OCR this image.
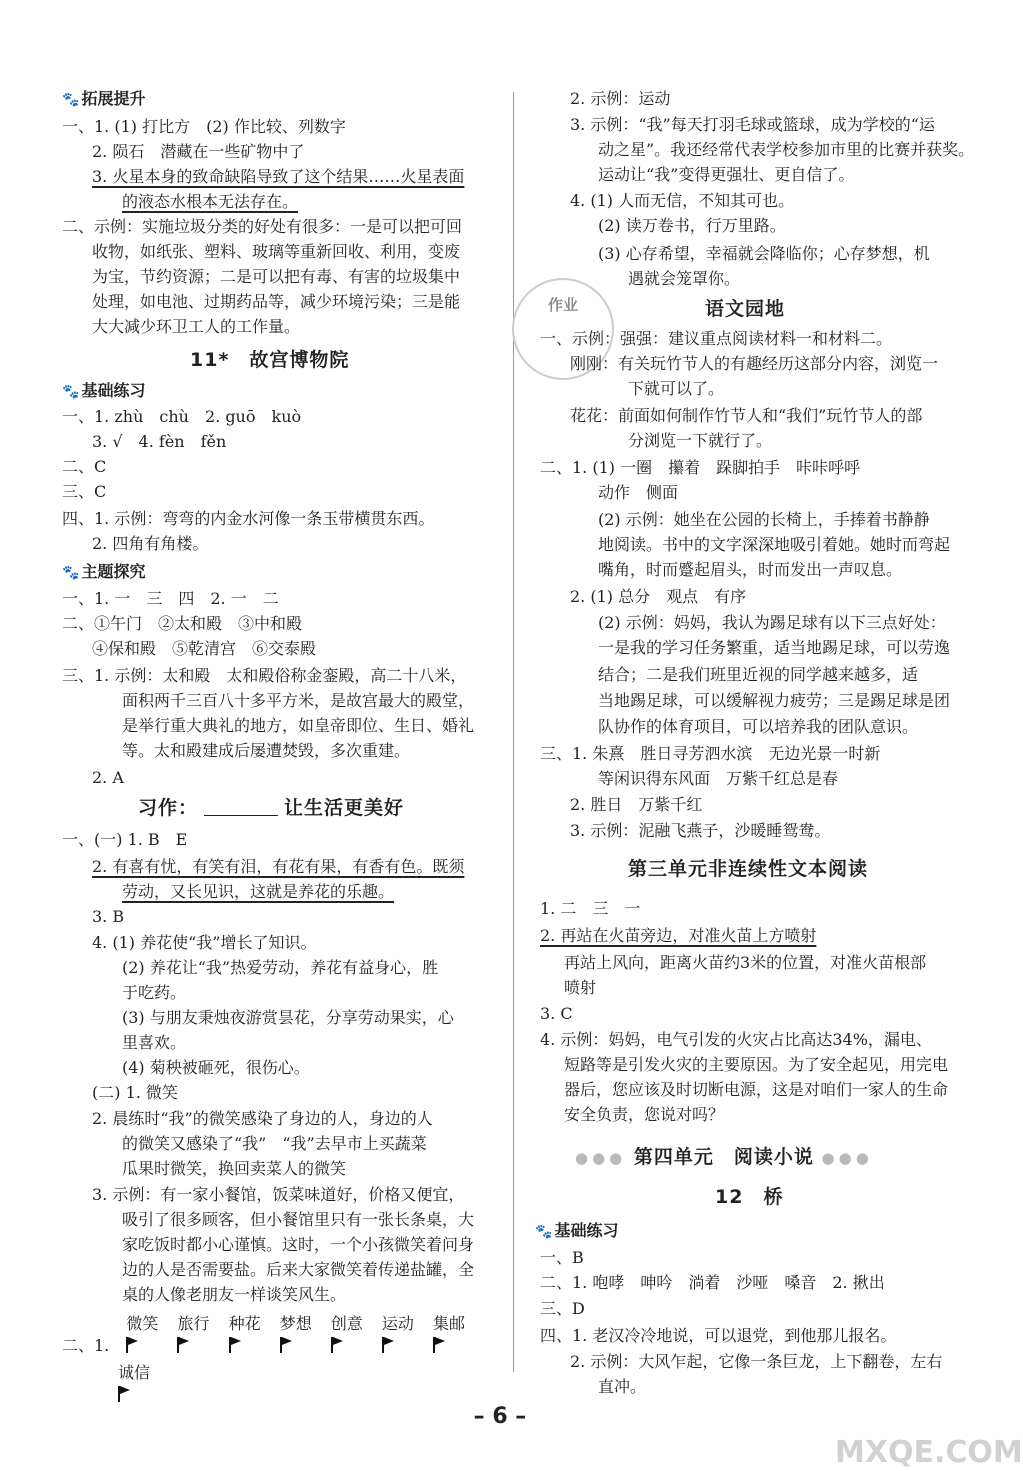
🐾 拓展提升
一、1. (1) 打比方　(2) 作比较、列数字
2. 陨石　潜藏在一些矿物中了
3. 火星本身的致命缺陷导致了这个结果……火星表面
的液态水根本无法存在。
二、示例：实施垃圾分类的好处有很多：一是可以把可回
收物，如纸张、塑料、玻璃等重新回收、利用，变废
为宝，节约资源；二是可以把有毒、有害的垃圾集中
处理，如电池、过期药品等，减少环境污染；三是能
大大减少环卫工人的工作量。
11*　故宫博物院
🐾 基础练习
一、1. zhù　chù　2. guō　kuò
3. √　4. fèn　fěn
二、C
三、C
四、1. 示例：弯弯的内金水河像一条玉带横贯东西。
2. 四角有角楼。
🐾 主题探究
一、1. 一　三　四　2. 一　二
二、①午门　②太和殿　③中和殿
④保和殿　⑤乾清宫　⑥交泰殿
三、1. 示例：太和殿　太和殿俗称金銮殿，高二十八米，
面积两千三百八十多平方米，是故宫最大的殿堂，
是举行重大典礼的地方，如皇帝即位、生日、婚礼
等。太和殿建成后屡遭焚毁，多次重建。
2. A
习作：	让生活更美好
一、(一) 1. B　E
2. 有喜有忧，有笑有泪，有花有果，有香有色。既须
劳动，又长见识，这就是养花的乐趣。
3. B
4. (1) 养花使“我”增长了知识。
(2) 养花让“我”热爱劳动，养花有益身心，胜
于吃药。
(3) 与朋友秉烛夜游赏昙花，分享劳动果实，心
里喜欢。
(4) 菊秧被砸死，很伤心。
(二) 1. 微笑
2. 晨练时“我”的微笑感染了身边的人，身边的人
的微笑又感染了“我”　“我”去早市上买蔬菜
瓜果时微笑，换回卖菜人的微笑
3. 示例：有一家小餐馆，饭菜味道好，价格又便宜，
吸引了很多顾客，但小餐馆里只有一张长条桌，大
家吃饭时都小心谨慎。这时，一个小孩微笑着问身
边的人是否需要盐。后来大家微笑着传递盐罐，全
桌的人像老朋友一样谈笑风生。
二、1. 微笑 旅行 种花 梦想 创意 运动 集邮

诚信

作业
2. 示例：运动
3. 示例：“我”每天打羽毛球或篮球，成为学校的“运
动之星”。我还经常代表学校参加市里的比赛并获奖。
运动让“我”变得更强壮、更自信了。
4. (1) 人而无信，不知其可也。
(2) 读万卷书，行万里路。
(3) 心存希望，幸福就会降临你；心存梦想，机
遇就会笼罩你。
语文园地
一、示例：强强：建议重点阅读材料一和材料二。
刚刚：有关玩竹节人的有趣经历这部分内容，浏览一
下就可以了。
花花：前面如何制作竹节人和“我们”玩竹节人的部
分浏览一下就行了。
二、1. (1) 一圈　攥着　跺脚拍手　咔咔呼呼
动作　侧面
(2) 示例：她坐在公园的长椅上，手捧着书静静
地阅读。书中的文字深深地吸引着她。她时而弯起
嘴角，时而蹙起眉头，时而发出一声叹息。
2. (1) 总分　观点　有序
(2) 示例：妈妈，我认为踢足球有以下三点好处：
一是我的学习任务繁重，适当地踢足球，可以劳逸
结合；二是我们班里近视的同学越来越多，适
当地踢足球，可以缓解视力疲劳；三是踢足球是团
队协作的体育项目，可以培养我的团队意识。
三、1. 朱熹　胜日寻芳泗水滨　无边光景一时新
等闲识得东风面　万紫千红总是春
2. 胜日　万紫千红
3. 示例：泥融飞燕子，沙暖睡鸳鸯。
第三单元非连续性文本阅读
1. 二　三　一
2. 再站在火苗旁边，对准火苗上方喷射
再站上风向，距离火苗约3米的位置，对准火苗根部
喷射
3. C
4. 示例：妈妈，电气引发的火灾占比高达34%，漏电、
短路等是引发火灾的主要原因。为了安全起见，用完电
器后，您应该及时切断电源，这是对咱们一家人的生命
安全负责，您说对吗？
●●● 第四单元　阅读小说 ●●●
12　桥
🐾 基础练习
一、B
二、1. 咆哮　呻吟　淌着　沙哑　嗓音　2. 揪出
三、D
四、1. 老汉冷冷地说，可以退党，到他那儿报名。
2. 示例：大风乍起，它像一条巨龙，上下翻卷，左右
直冲。
– 6 –
MXQE.COM
